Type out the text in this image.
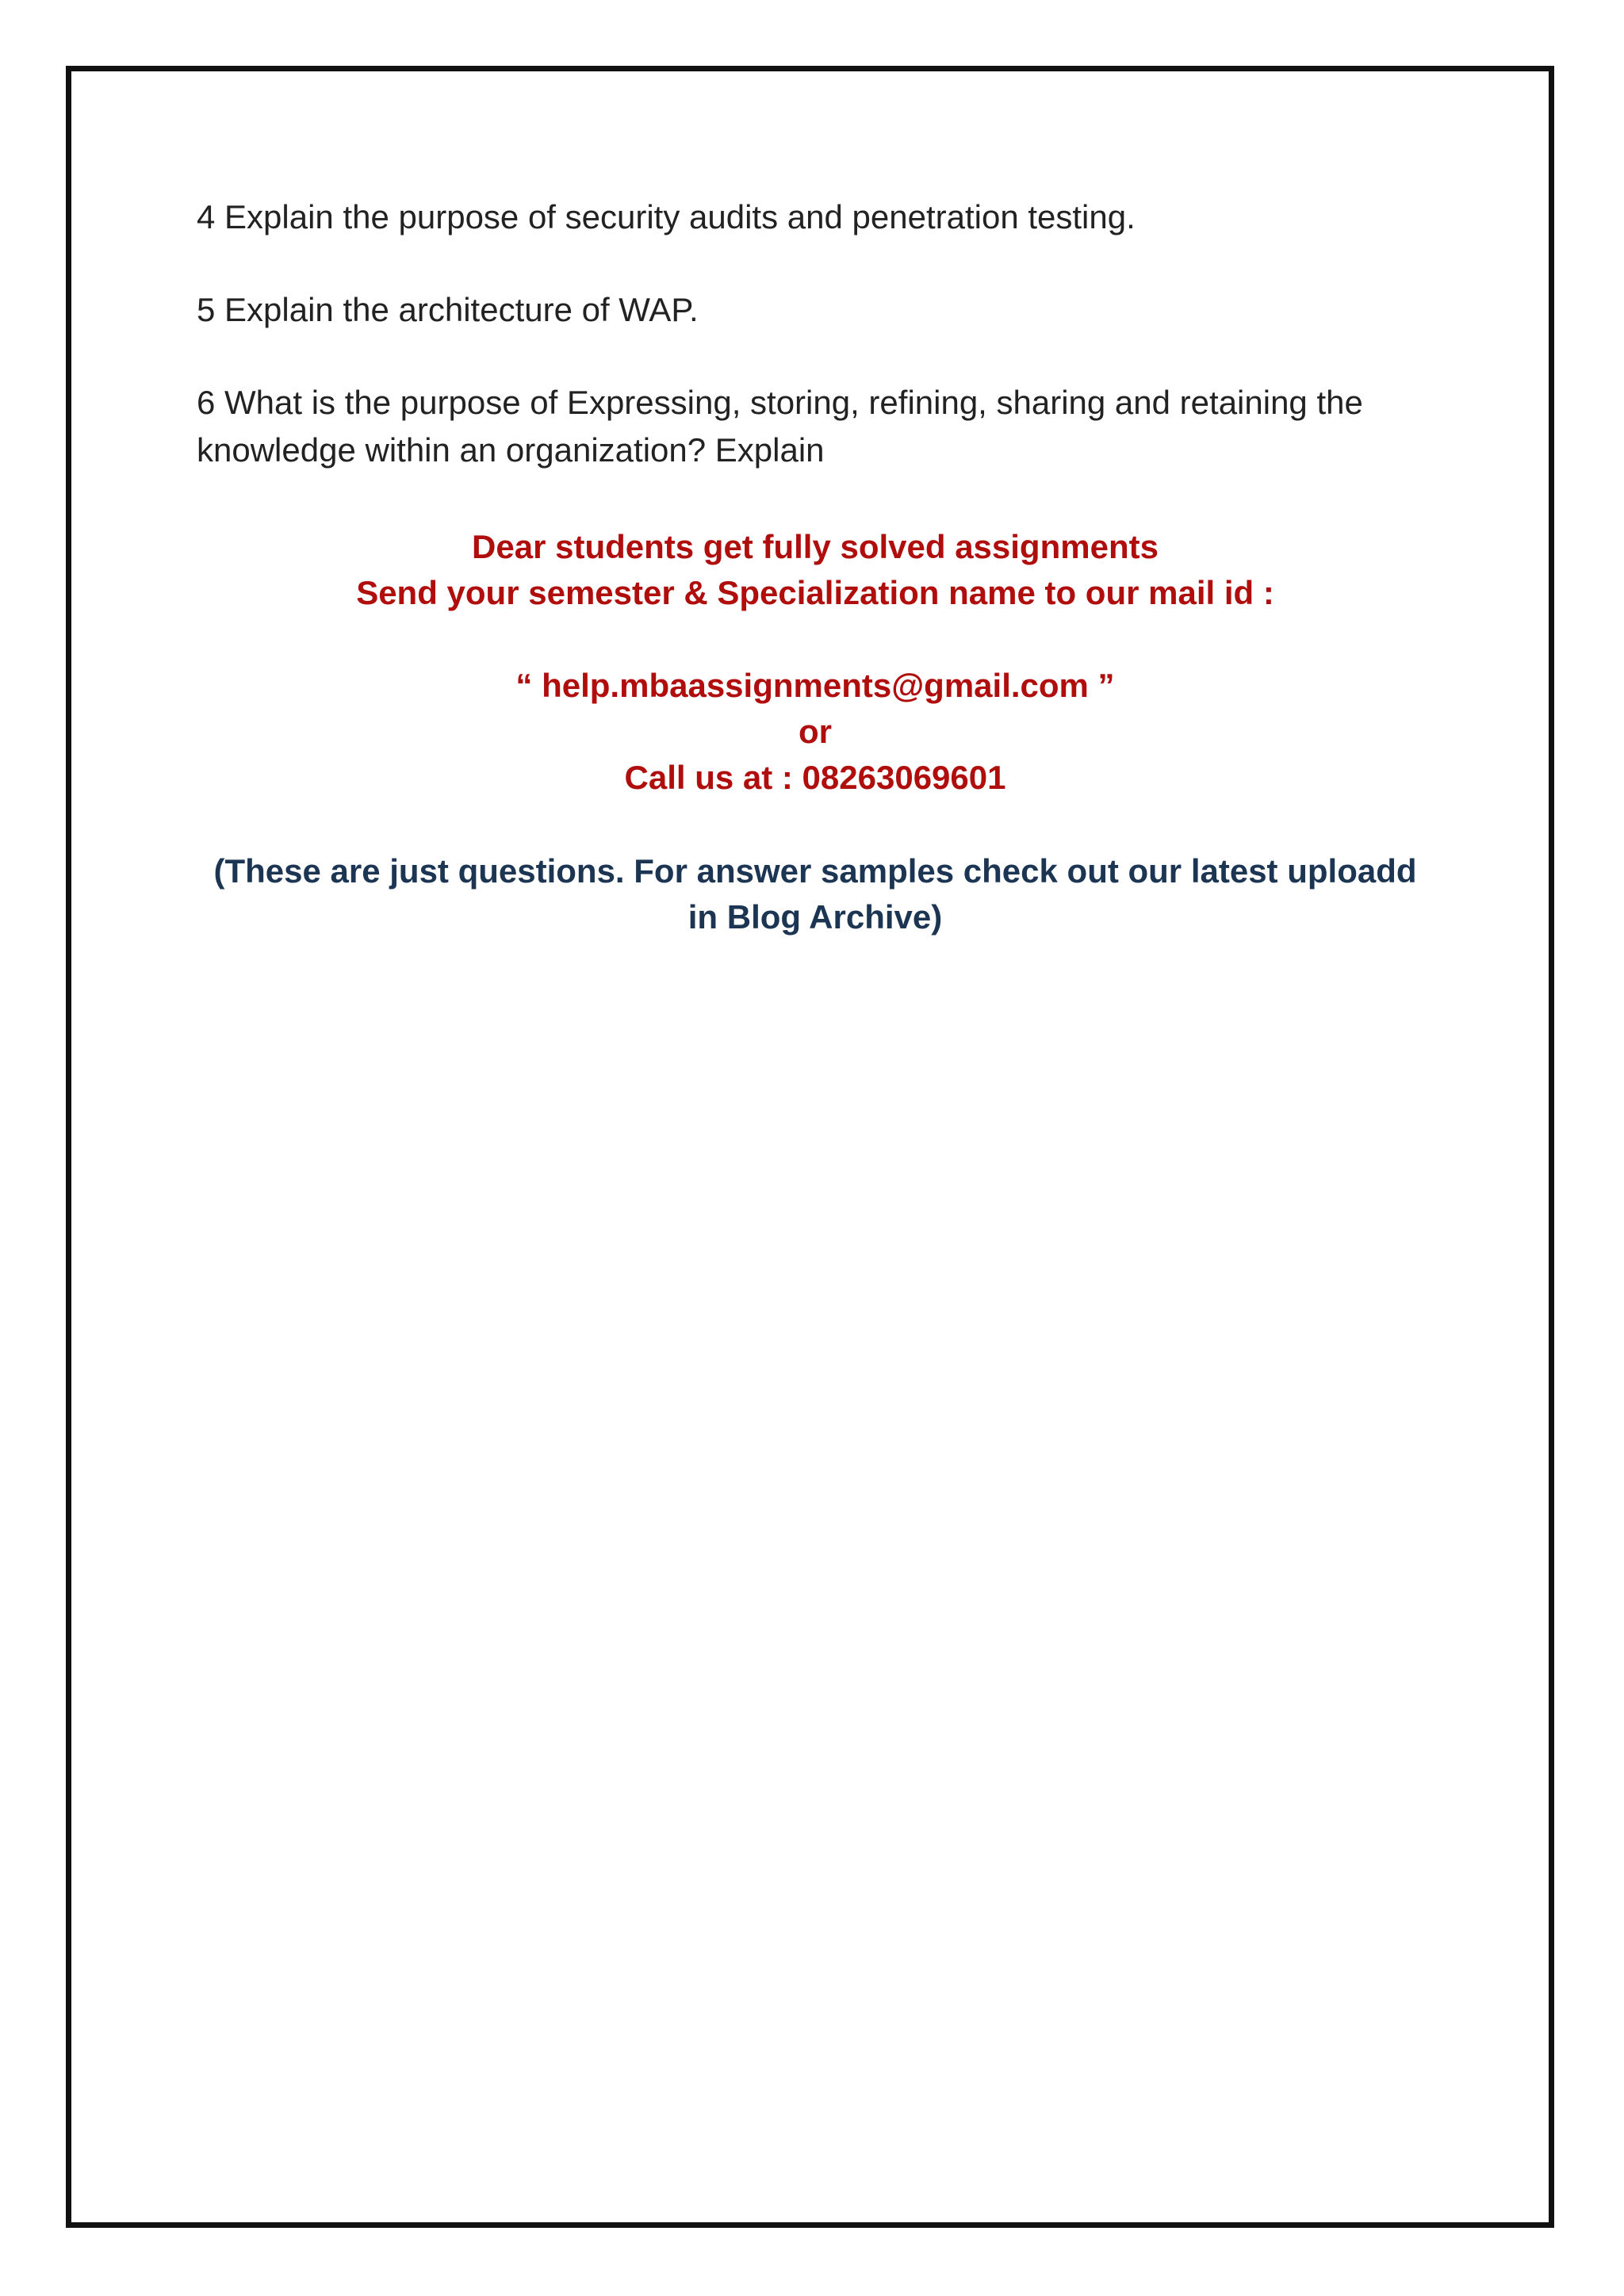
4 Explain the purpose of security audits and penetration testing.

5 Explain the architecture of WAP.

6 What is the purpose of Expressing, storing, refining, sharing and retaining the knowledge within an organization? Explain

Dear students get fully solved assignments
Send your semester & Specialization name to our mail id :
“ help.mbaassignments@gmail.com ”
or
Call us at : 08263069601
(These are just questions. For answer samples check out our latest uploadd in Blog Archive)
